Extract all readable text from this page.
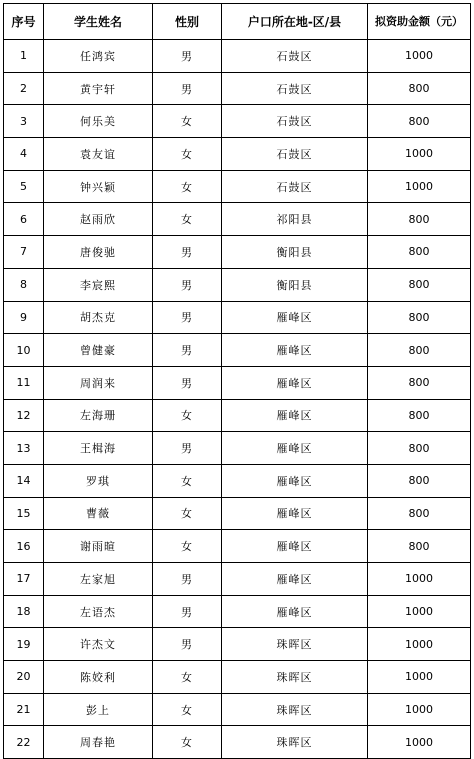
序号	学生姓名	性别	户口所在地-区/县	拟资助金额（元）
1	任鸿宾	男	石鼓区	1000
2	黄宇轩	男	石鼓区	800
3	何乐美	女	石鼓区	800
4	袁友谊	女	石鼓区	1000
5	钟兴颖	女	石鼓区	1000
6	赵雨欣	女	祁阳县	800
7	唐俊驰	男	衡阳县	800
8	李宸熙	男	衡阳县	800
9	胡杰克	男	雁峰区	800
10	曾健豪	男	雁峰区	800
11	周润来	男	雁峰区	800
12	左海珊	女	雁峰区	800
13	王楫海	男	雁峰区	800
14	罗琪	女	雁峰区	800
15	曹薇	女	雁峰区	800
16	谢雨暄	女	雁峰区	800
17	左家旭	男	雁峰区	1000
18	左语杰	男	雁峰区	1000
19	许杰文	男	珠晖区	1000
20	陈姣利	女	珠晖区	1000
21	彭上	女	珠晖区	1000
22	周春艳	女	珠晖区	1000
